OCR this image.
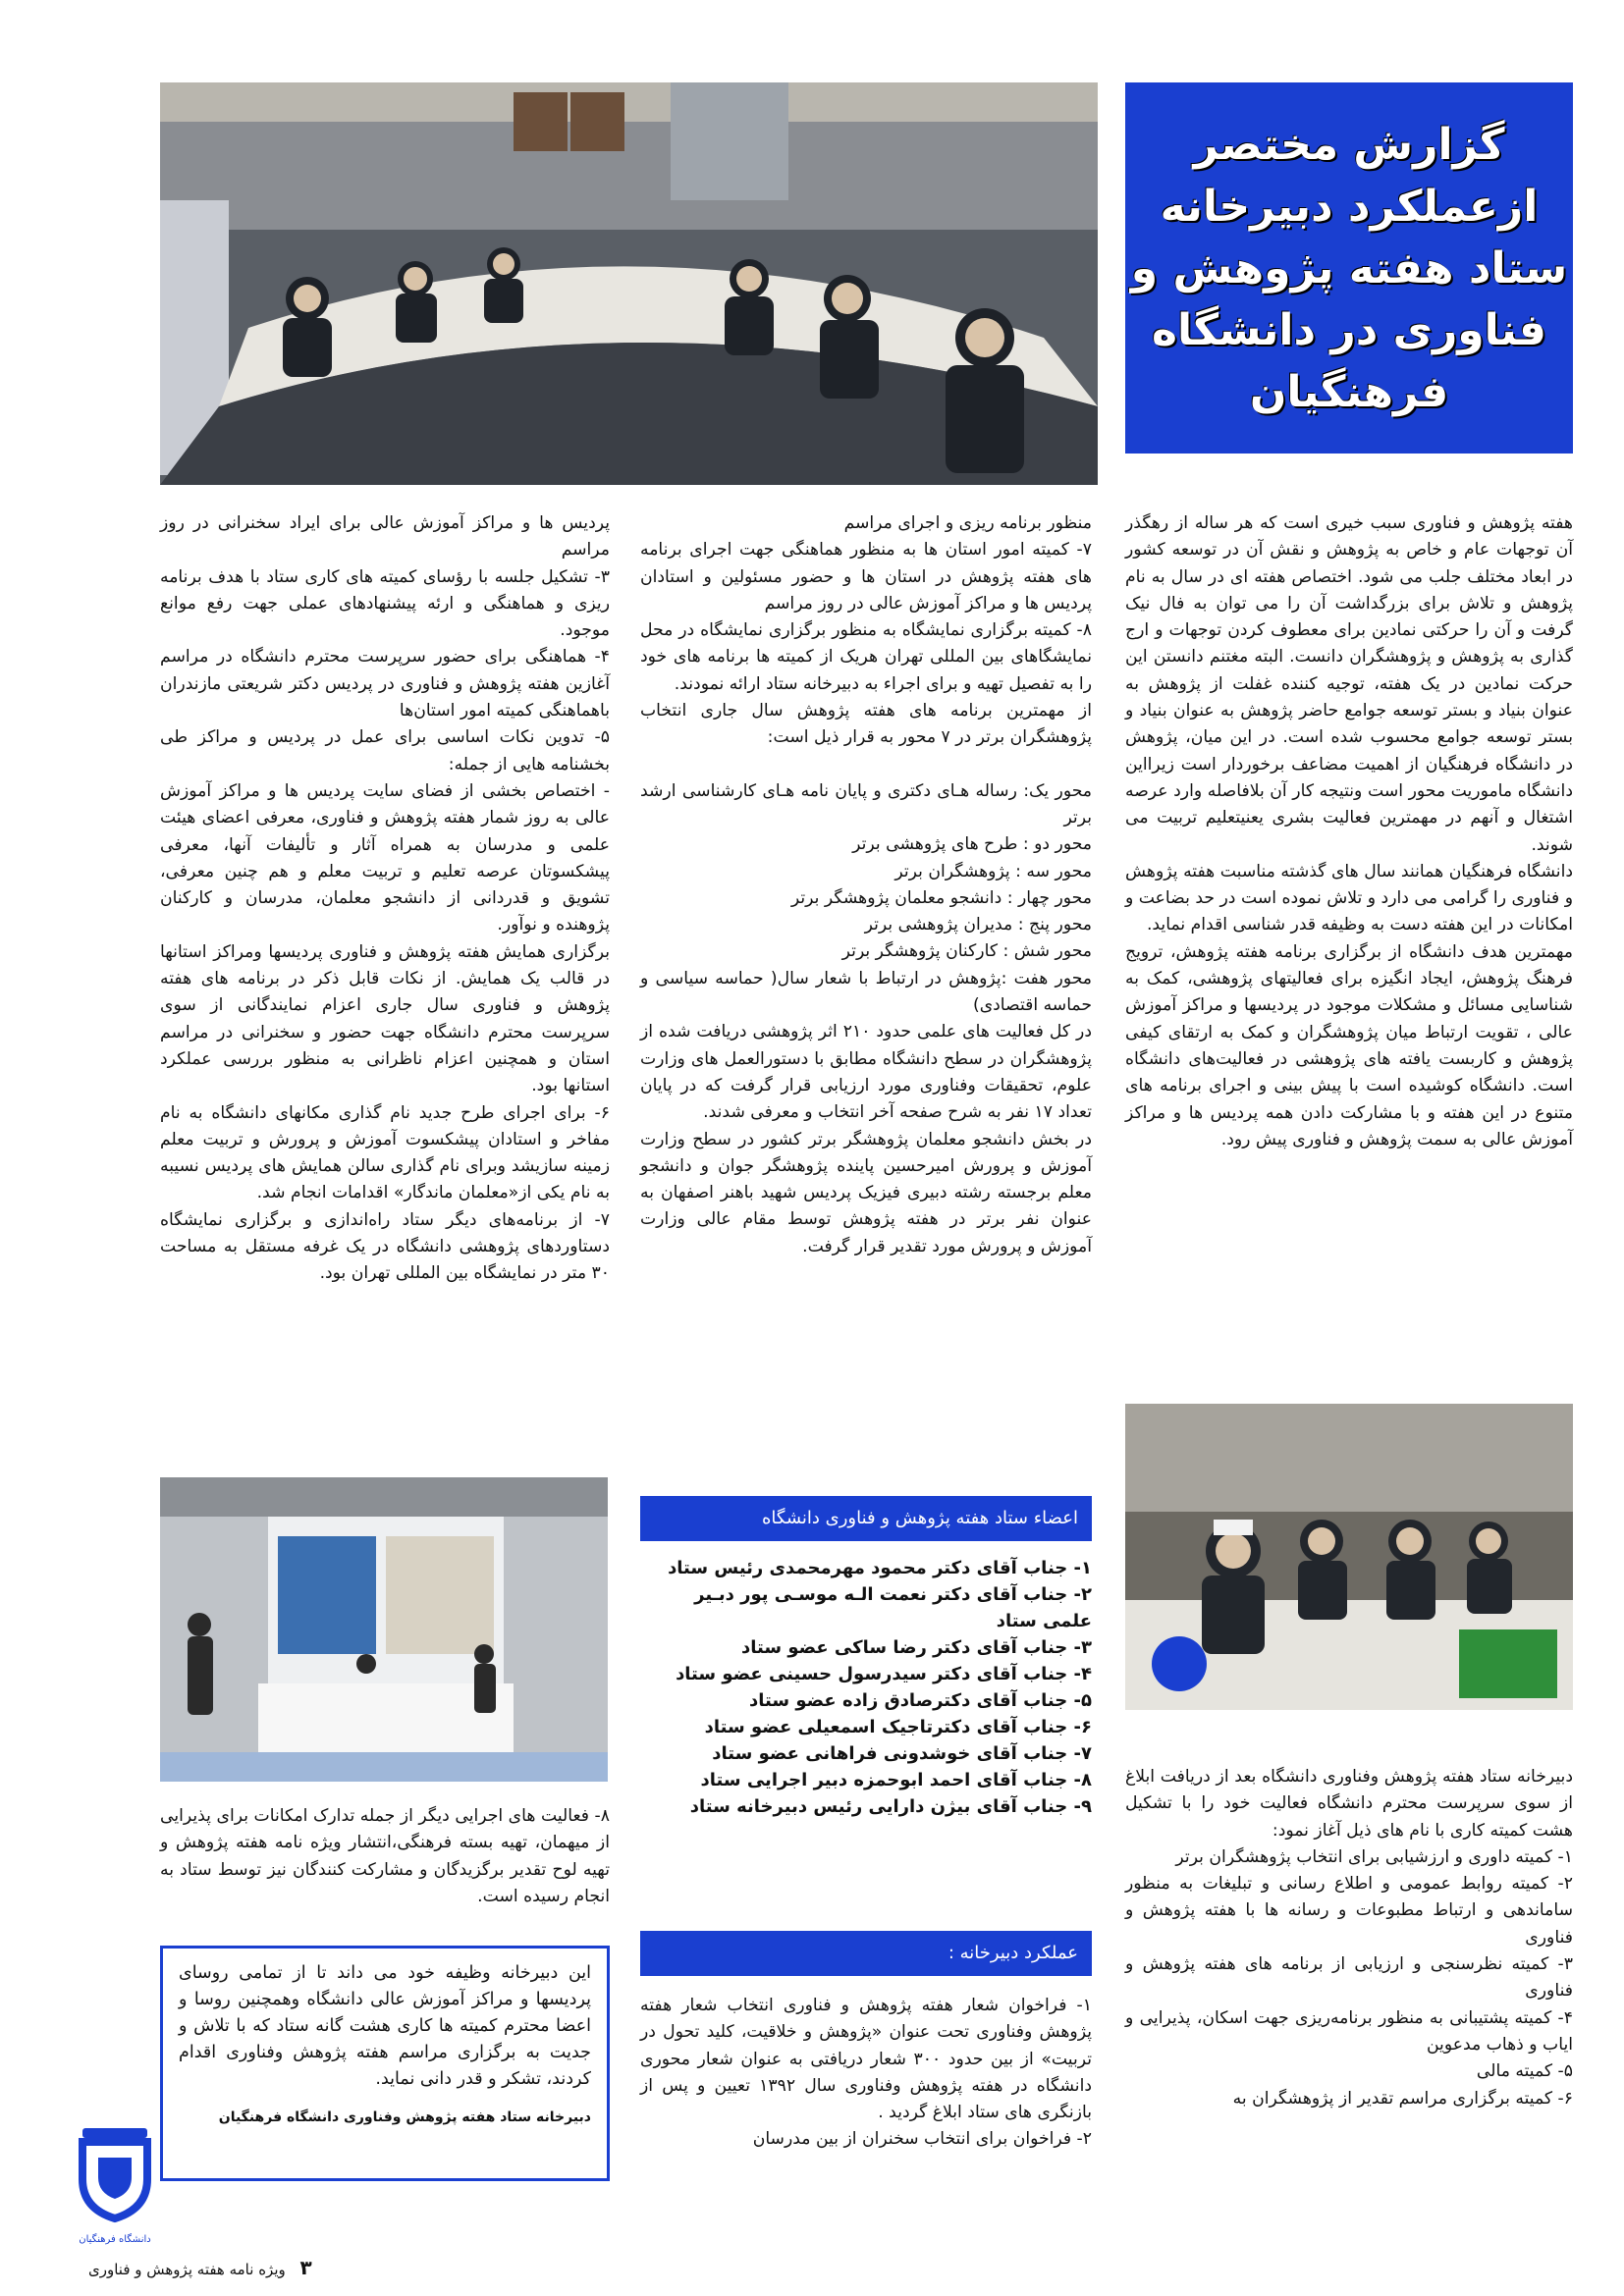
گزارش مختصر
ازعملکرد دبیرخانه
ستاد هفته پژوهش و
فناوری در دانشگاه
فرهنگیان

هفته پژوهش و فناوری سبب خیری است که هر ساله از رهگذر آن توجهات عام و خاص به پژوهش و نقش آن در توسعه کشور در ابعاد مختلف جلب می شود. اختصاص هفته ای در سال به نام پژوهش و تلاش برای بزرگداشت آن را می توان به فال نیک گرفت و آن را حرکتی نمادین برای معطوف کردن توجهات و ارج گذاری به پژوهش و پژوهشگران دانست. البته مغتنم دانستن این حرکت نمادین در یک هفته، توجیه کننده غفلت از پژوهش به عنوان بنیاد و بستر توسعه جوامع حاضر پژوهش به عنوان بنیاد و بستر توسعه جوامع محسوب شده است. در این میان، پژوهش در دانشگاه فرهنگیان از اهمیت مضاعف برخوردار است زیرااین دانشگاه ماموریت محور است ونتیجه کار آن بلافاصله وارد عرصه اشتغال و آنهم در مهمترین فعالیت بشری یعنیتعلیم تربیت می شوند.

دانشگاه فرهنگیان همانند سال های گذشته مناسبت هفته پژوهش و فناوری را گرامی می دارد و تلاش نموده است در حد بضاعت و امکانات در این هفته دست به وظیفه قدر شناسی اقدام نماید.

مهمترین هدف دانشگاه از برگزاری برنامه هفته پژوهش، ترویج فرهنگ پژوهش، ایجاد انگیزه برای فعالیتهای پژوهشی، کمک به شناسایی مسائل و مشکلات موجود در پردیسها و مراکز آموزش عالی ، تقویت ارتباط میان پژوهشگران و کمک به ارتقای کیفی پژوهش و کاربست یافته های پژوهشی در فعالیت‌های دانشگاه است. دانشگاه کوشیده است با پیش بینی و اجرای برنامه های متنوع در این هفته و با مشارکت دادن همه پردیس ها و مراکز آموزش عالی به سمت پژوهش و فناوری پیش رود.

دبیرخانه ستاد هفته پژوهش وفناوری دانشگاه بعد از دریافت ابلاغ از سوی سرپرست محترم دانشگاه فعالیت خود را با تشکیل هشت کمیته کاری با نام های ذیل آغاز نمود:

۱- کمیته داوری و ارزشیابی برای انتخاب پژوهشگران برتر

۲- کمیته روابط عمومی و اطلاع رسانی و تبلیغات به منظور ساماندهی و ارتباط مطبوعات و رسانه ها با هفته پژوهش و فناوری

۳- کمیته نظرسنجی و ارزیابی از برنامه های هفته پژوهش و فناوری

۴- کمیته پشتیبانی به منظور برنامه‌ریزی جهت اسکان، پذیرایی و ایاب و ذهاب مدعوین

۵- کمیته مالی

۶- کمیته برگزاری مراسم تقدیر از پژوهشگران به

منظور برنامه ریزی و اجرای مراسم

۷- کمیته امور استان ها به منظور هماهنگی جهت اجرای برنامه های هفته پژوهش در استان ها و حضور مسئولین و استادان پردیس ها و مراکز آموزش عالی در روز مراسم

۸- کمیته برگزاری نمایشگاه به منظور برگزاری نمایشگاه در محل نمایشگاهای بین المللی تهران هریک از کمیته ها برنامه های خود را به تفصیل تهیه و برای اجراء به دبیرخانه ستاد ارائه نمودند.

از مهمترین برنامه های هفته پژوهش سال جاری انتخاب پژوهشگران برتر در ۷ محور به قرار ذیل است:

محور یک: رساله هـای دکتری و پایان نامه هـای کارشناسی ارشد برتر

محور دو : طرح های پژوهشی برتر

محور سه : پژوهشگران برتر

محور چهار : دانشجو معلمان پژوهشگر برتر

محور پنج : مدیران پژوهشی برتر

محور شش : کارکنان پژوهشگر برتر

محور هفت :پژوهش در ارتباط با شعار سال( حماسه سیاسی و حماسه اقتصادی)

در کل فعالیت های علمی حدود ۲۱۰ اثر پژوهشی دریافت شده از پژوهشگران در سطح دانشگاه مطابق با دستورالعمل های وزارت علوم، تحقیقات وفناوری مورد ارزیابی قرار گرفت که در پایان تعداد ۱۷ نفر به شرح صفحه آخر انتخاب و معرفی شدند.

در بخش دانشجو معلمان پژوهشگر برتر کشور در سطح وزارت آموزش و پرورش امیرحسین پاینده پژوهشگر جوان و دانشجو معلم برجسته رشته دبیری فیزیک پردیس شهید باهنر اصفهان به عنوان نفر برتر در هفته پژوهش توسط مقام عالی وزارت آموزش و پرورش مورد تقدیر قرار گرفت.

اعضاء ستاد هفته پژوهش و فناوری دانشگاه

۱- جناب آقای دکتر محمود مهرمحمدی رئیس ستاد

۲- جناب آقای دکتر نعمت الـه موسـی پور دبـیر علمی ستاد

۳- جناب آقای دکتر رضا ساکی عضو ستاد

۴- جناب آقای دکتر سیدرسول حسینی عضو ستاد

۵- جناب آقای دکترصادق زاده عضو ستاد

۶- جناب آقای دکترتاجیک اسمعیلی عضو ستاد

۷- جناب آقای خوشدونی فراهانی عضو ستاد

۸- جناب آقای احمد ابوحمزه دبیر اجرایی ستاد

۹- جناب آقای بیژن دارایی رئیس دبیرخانه ستاد

عملکرد دبیرخانه :

۱- فراخوان شعار هفته پژوهش و فناوری انتخاب شعار هفته پژوهش وفناوری تحت عنوان «پژوهش و خلاقیت، کلید تحول در تربیت» از بین حدود ۳۰۰ شعار دریافتی به عنوان شعار محوری دانشگاه در هفته پژوهش وفناوری سال ۱۳۹۲ تعیین و پس از بازنگری های ستاد ابلاغ گردید .

۲- فراخوان برای انتخاب سخنران از بین مدرسان

پردیس ها و مراکز آموزش عالی برای ایراد سخنرانی در روز مراسم

۳- تشکیل جلسه با رؤسای کمیته های کاری ستاد با هدف برنامه ریزی و هماهنگی و ارئه پیشنهادهای عملی جهت رفع موانع موجود.

۴- هماهنگی برای حضور سرپرست محترم دانشگاه در مراسم آغازین هفته پژوهش و فناوری در پردیس دکتر شریعتی مازندران باهماهنگی کمیته امور استان‌ها

۵- تدوین نکات اساسی برای عمل در پردیس و مراکز طی بخشنامه هایی از جمله:

- اختصاص بخشی از فضای سایت پردیس ها و مراکز آموزش عالی به روز شمار هفته پژوهش و فناوری، معرفی اعضای هیئت علمی و مدرسان به همراه آثار و تألیفات آنها، معرفی پیشکسوتان عرصه تعلیم و تربیت معلم و هم چنین معرفی، تشویق و قدردانی از دانشجو معلمان، مدرسان و کارکنان پژوهنده و نوآور.

برگزاری همایش هفته پژوهش و فناوری پردیسها ومراکز استانها در قالب یک همایش. از نکات قابل ذکر در برنامه های هفته پژوهش و فناوری سال جاری اعزام نمایندگانی از سوی سرپرست محترم دانشگاه جهت حضور و سخنرانی در مراسم استان و همچنین اعزام ناظرانی به منظور بررسی عملکرد استانها بود.

۶- برای اجرای طرح جدید نام گذاری مکانهای دانشگاه به نام مفاخر و استادان پیشکسوت آموزش و پرورش و تربیت معلم زمینه سازیشد وبرای نام گذاری سالن همایش های پردیس نسیبه به نام یکی از«معلمان ماندگار» اقدامات انجام شد.

۷- از برنامه‌های دیگر ستاد راه‌اندازی و برگزاری نمایشگاه دستاوردهای پژوهشی دانشگاه در یک غرفه مستقل به مساحت ۳۰ متر در نمایشگاه بین المللی تهران بود.

۸- فعالیت های اجرایی دیگر از جمله تدارک امکانات برای پذیرایی از میهمان، تهیه بسته فرهنگی،انتشار ویژه نامه هفته پژوهش و تهیه لوح تقدیر برگزیدگان و مشارکت کنندگان نیز توسط ستاد به انجام رسیده است.

این دبیرخانه وظیفه خود می داند تا از تمامی روسای پردیسها و مراکز آموزش عالی دانشگاه وهمچنین روسا و اعضا محترم کمیته ها کاری هشت گانه ستاد که با تلاش و جدیت به برگزاری مراسم هفته پژوهش وفناوری اقدام کردند، تشکر و قدر دانی نماید.
دبیرخانه ستاد هفته پژوهش وفناوری دانشگاه فرهنگیان
دانشگاه فرهنگیان
۳ ویژه نامه هفته پژوهش و فناوری
